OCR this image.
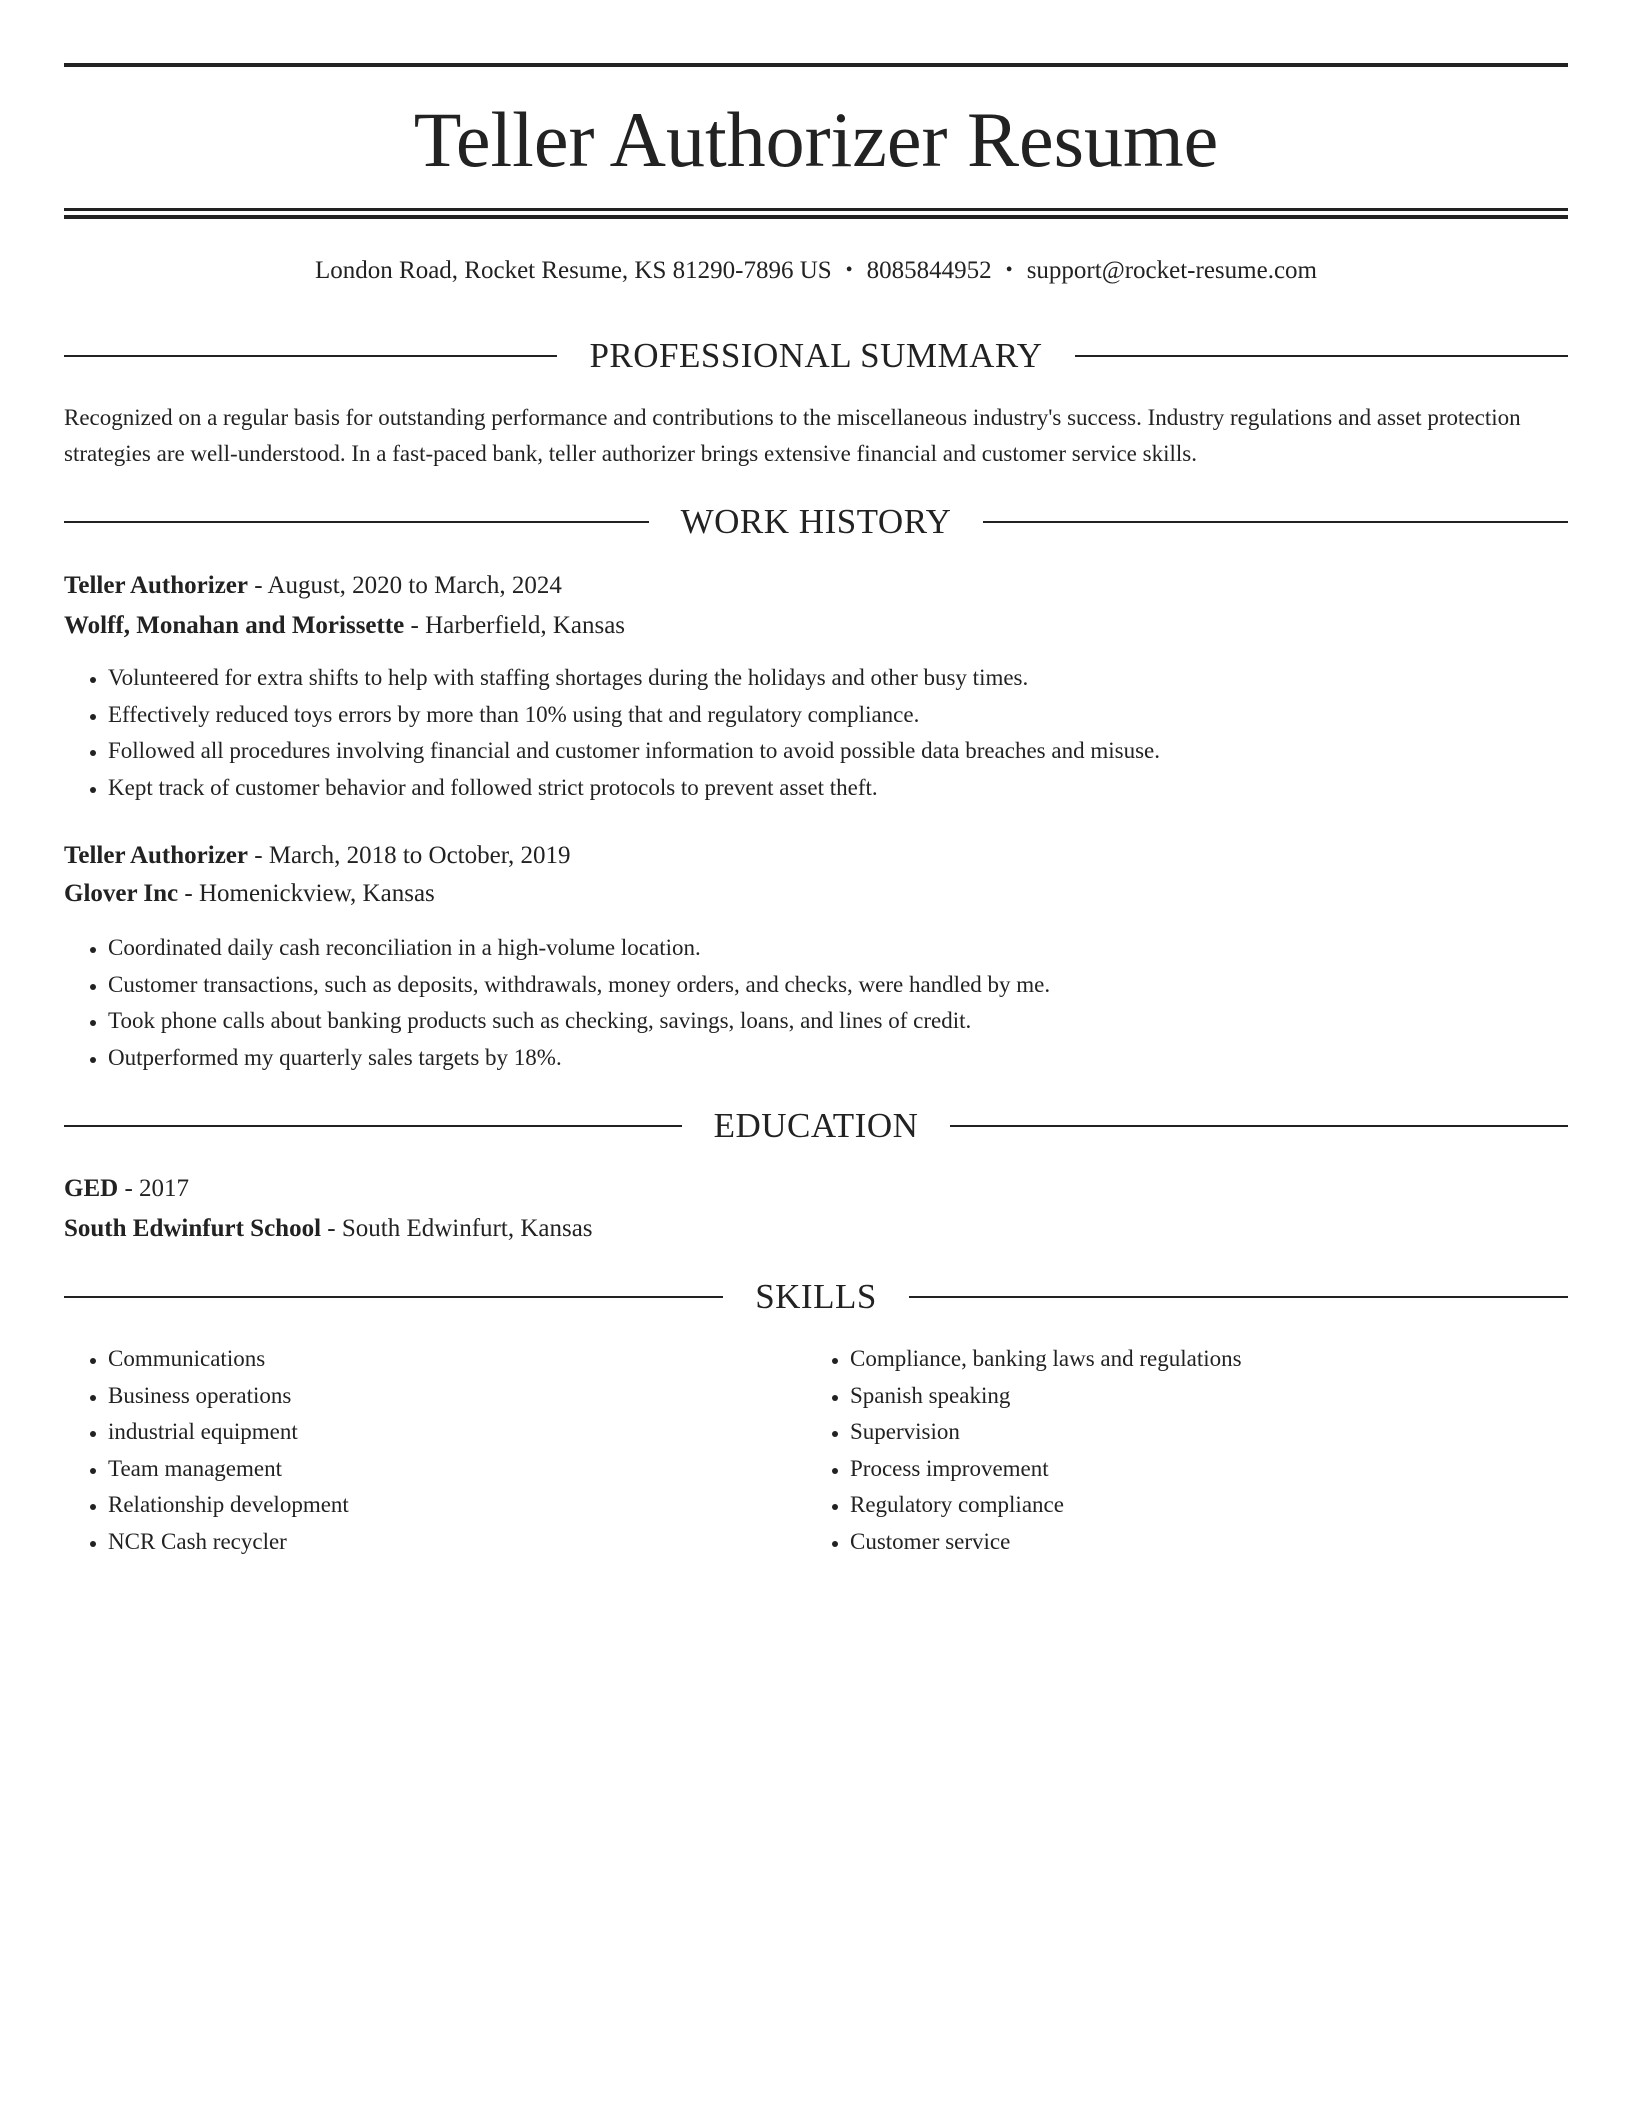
Teller Authorizer Resume
London Road, Rocket Resume, KS 81290-7896 US • 8085844952 • support@rocket-resume.com
PROFESSIONAL SUMMARY

Recognized on a regular basis for outstanding performance and contributions to the miscellaneous industry's success. Industry regulations and asset protection strategies are well-understood. In a fast-paced bank, teller authorizer brings extensive financial and customer service skills.

WORK HISTORY
Teller Authorizer - August, 2020 to March, 2024
Wolff, Monahan and Morissette - Harberfield, Kansas
• Volunteered for extra shifts to help with staffing shortages during the holidays and other busy times.
• Effectively reduced toys errors by more than 10% using that and regulatory compliance.
• Followed all procedures involving financial and customer information to avoid possible data breaches and misuse.
• Kept track of customer behavior and followed strict protocols to prevent asset theft.
Teller Authorizer - March, 2018 to October, 2019
Glover Inc - Homenickview, Kansas
• Coordinated daily cash reconciliation in a high-volume location.
• Customer transactions, such as deposits, withdrawals, money orders, and checks, were handled by me.
• Took phone calls about banking products such as checking, savings, loans, and lines of credit.
• Outperformed my quarterly sales targets by 18%.
EDUCATION
GED - 2017
South Edwinfurt School - South Edwinfurt, Kansas
SKILLS
• Communications
• Business operations
• industrial equipment
• Team management
• Relationship development
• NCR Cash recycler
• Compliance, banking laws and regulations
• Spanish speaking
• Supervision
• Process improvement
• Regulatory compliance
• Customer service
